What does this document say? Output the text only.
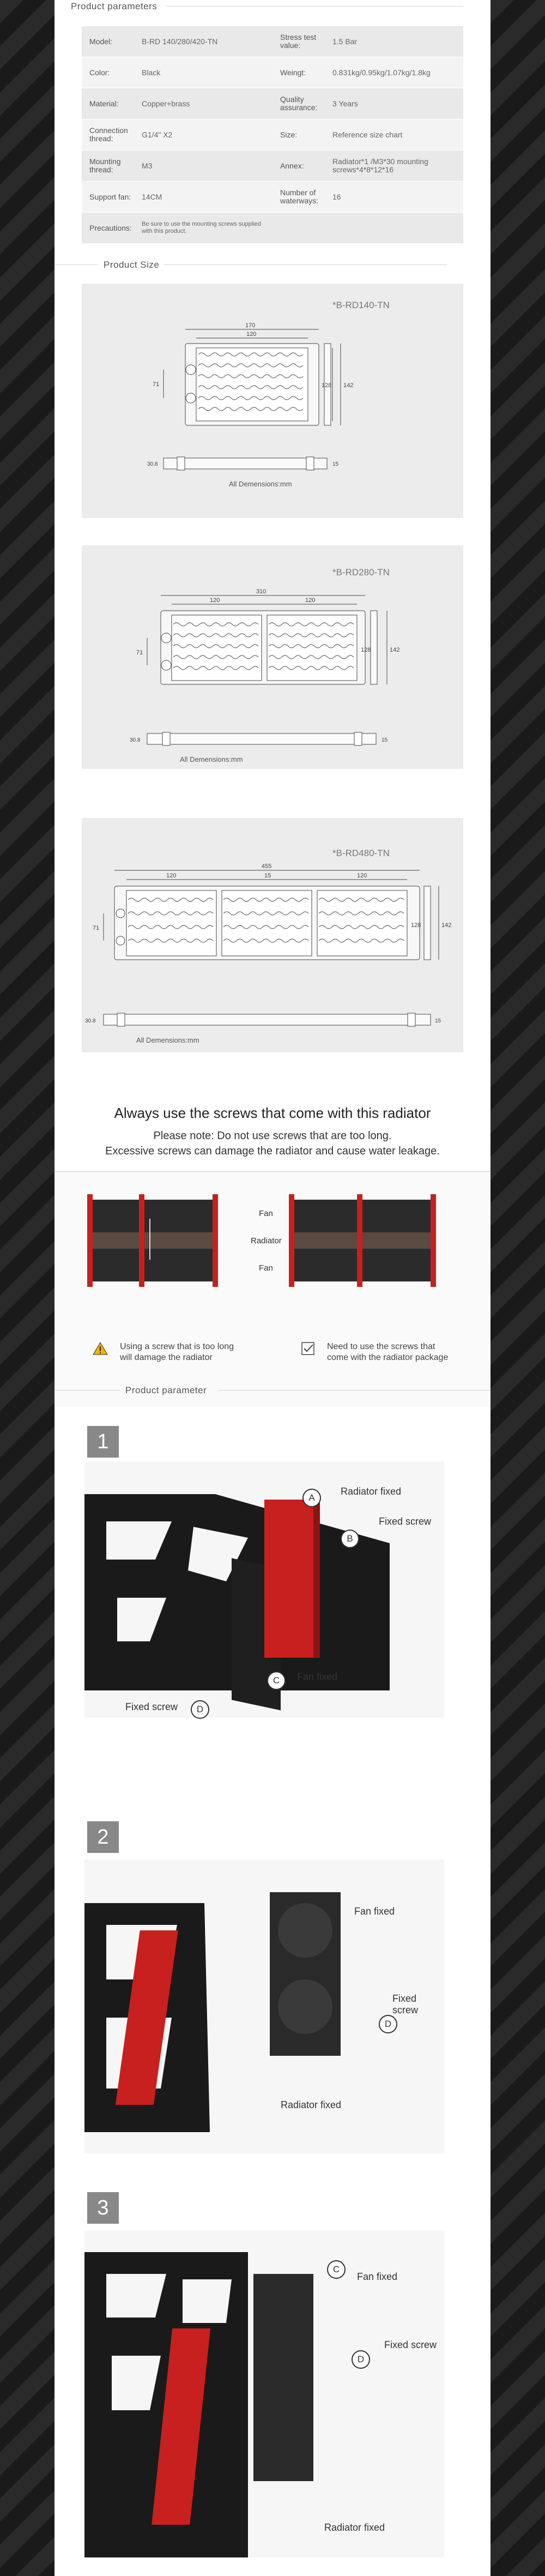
Product parameters
Model:	B-RD 140/280/420-TN	Stress test value:	1.5 Bar
Color:	Black	Weingt:	0.831kg/0.95kg/1.07kg/1.8kg
Material:	Copper+brass	Quality assurance:	3 Years
Connection thread:	G1/4" X2	Size:	Reference size chart
Mounting thread:	M3	Annex:	Radiator*1 /M3*30 mounting screws*4*8*12*16
Support fan:	14CM	Number of waterways:	16
Precautions:	Be sure to use the mounting screws supplied with this product.
Product Size
170
120
142
128
71
30.8	15
*B-RD140-TN
All Demensions:mm
310
120	120
142
128
71
30.8	15
*B-RD280-TN
All Demensions:mm
455
120	15	120
142
128
71
30.8	15
*B-RD480-TN
All Demensions:mm
Always use the screws that come with this radiator
Please note: Do not use screws that are too long.
Excessive screws can damage the radiator and cause water leakage.
Fan
Radiator
Fan
Using a screw that is too long will damage the radiator
Need to use the screws that come with the radiator package
Product parameter
1
Radiator fixed
Fixed screw
Fan fixed
Fixed screw
A
B
C
D
2
Fan fixed
Fixed screw
Radiator fixed
D
3
Fan fixed
Fixed screw
Radiator fixed
C
D
